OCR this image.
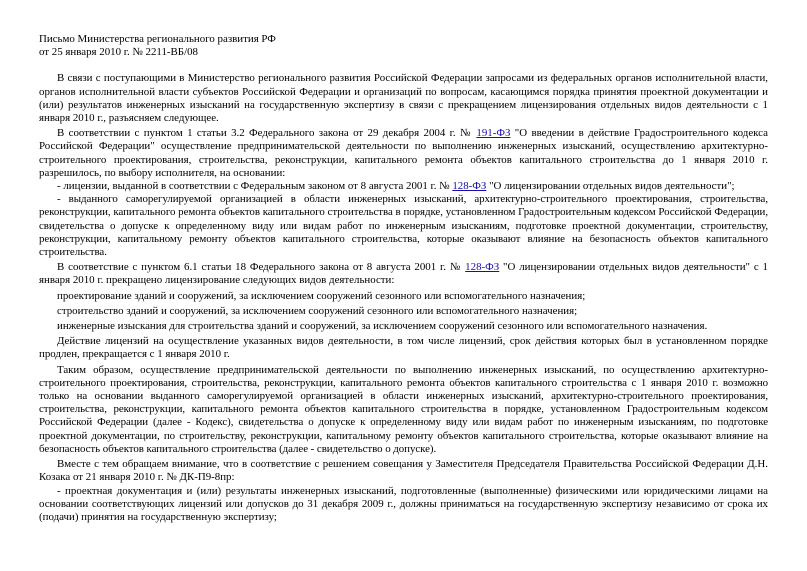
Письмо Министерства регионального развития РФ
от 25 января 2010 г. № 2211-ВБ/08

В связи с поступающими в Министерство регионального развития Российской Федерации запросами из федеральных органов исполнительной власти, органов исполнительной власти субъектов Российской Федерации и организаций по вопросам, касающимся порядка принятия проектной документации и (или) результатов инженерных изысканий на государственную экспертизу в связи с прекращением лицензирования отдельных видов деятельности с 1 января 2010 г., разъясняем следующее.

В соответствии с пунктом 1 статьи 3.2 Федерального закона от 29 декабря 2004 г. № 191-ФЗ "О введении в действие Градостроительного кодекса Российской Федерации" осуществление предпринимательской деятельности по выполнению инженерных изысканий, осуществлению архитектурно-строительного проектирования, строительства, реконструкции, капитального ремонта объектов капитального строительства до 1 января 2010 г. разрешилось, по выбору исполнителя, на основании:

- лицензии, выданной в соответствии с Федеральным законом от 8 августа 2001 г. № 128-ФЗ "О лицензировании отдельных видов деятельности";

- выданного саморегулируемой организацией в области инженерных изысканий, архитектурно-строительного проектирования, строительства, реконструкции, капитального ремонта объектов капитального строительства в порядке, установленном Градостроительным кодексом Российской Федерации, свидетельства о допуске к определенному виду или видам работ по инженерным изысканиям, подготовке проектной документации, строительству, реконструкции, капитальному ремонту объектов капитального строительства, которые оказывают влияние на безопасность объектов капитального строительства.

В соответствие с пунктом 6.1 статьи 18 Федерального закона от 8 августа 2001 г. № 128-ФЗ "О лицензировании отдельных видов деятельности" с 1 января 2010 г. прекращено лицензирование следующих видов деятельности:

проектирование зданий и сооружений, за исключением сооружений сезонного или вспомогательного назначения;

строительство зданий и сооружений, за исключением сооружений сезонного или вспомогательного назначения;

инженерные изыскания для строительства зданий и сооружений, за исключением сооружений сезонного или вспомогательного назначения.

Действие лицензий на осуществление указанных видов деятельности, в том числе лицензий, срок действия которых был в установленном порядке продлен, прекращается с 1 января 2010 г.

Таким образом, осуществление предпринимательской деятельности по выполнению инженерных изысканий, по осуществлению архитектурно-строительного проектирования, строительства, реконструкции, капитального ремонта объектов капитального строительства с 1 января 2010 г. возможно только на основании выданного саморегулируемой организацией в области инженерных изысканий, архитектурно-строительного проектирования, строительства, реконструкции, капитального ремонта объектов капитального строительства в порядке, установленном Градостроительным кодексом Российской Федерации (далее - Кодекс), свидетельства о допуске к определенному виду или видам работ по инженерным изысканиям, по подготовке проектной документации, по строительству, реконструкции, капитальному ремонту объектов капитального строительства, которые оказывают влияние на безопасность объектов капитального строительства (далее - свидетельство о допуске).

Вместе с тем обращаем внимание, что в соответствие с решением совещания у Заместителя Председателя Правительства Российской Федерации Д.Н. Козака от 21 января 2010 г. № ДК-П9-8пр:

- проектная документация и (или) результаты инженерных изысканий, подготовленные (выполненные) физическими или юридическими лицами на основании соответствующих лицензий или допусков до 31 декабря 2009 г., должны приниматься на государственную экспертизу независимо от срока их (подачи) принятия на государственную экспертизу;
